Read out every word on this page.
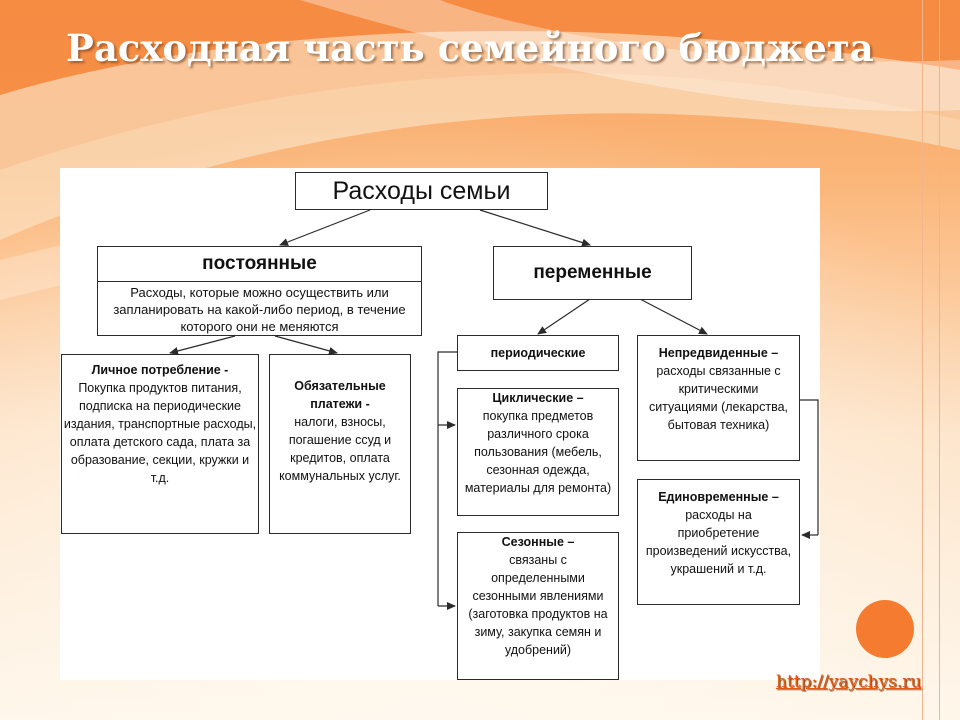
Расходная часть семейного бюджета
Расходы семьи
постоянные
Расходы, которые можно осуществить или запланировать на какой-либо период, в течение которого они не меняются
переменные
Личное потребление -
Покупка продуктов питания, подписка на периодические издания, транспортные расходы, оплата детского сада, плата за образование, секции, кружки и т.д.
Обязательные платежи -
налоги, взносы, погашение ссуд и кредитов, оплата коммунальных услуг.
периодические
Циклические –
покупка предметов различного срока пользования (мебель, сезонная одежда, материалы для ремонта)
Сезонные –
связаны с определенными сезонными явлениями (заготовка продуктов на зиму, закупка семян и удобрений)
Непредвиденные –
расходы связанные с критическими ситуациями (лекарства, бытовая техника)
Единовременные –
расходы на приобретение произведений искусства, украшений и т.д.
http://yaychys.ru
